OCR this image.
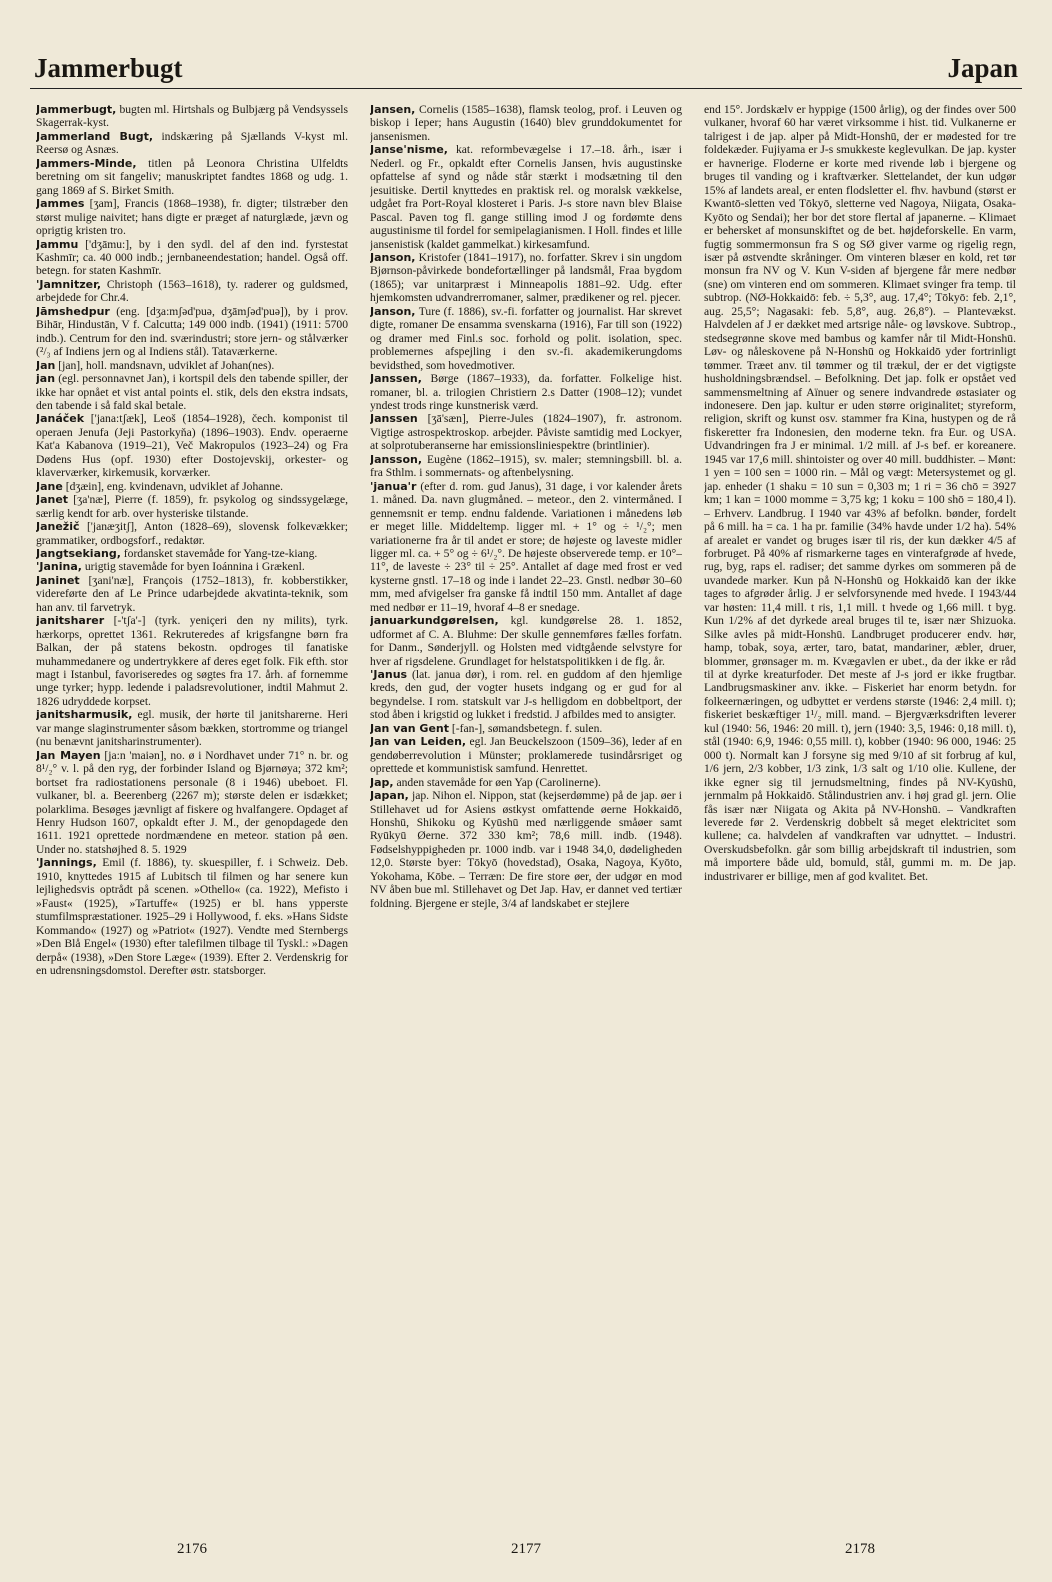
Jammerbugt	Japan

Jammerbugt, bugten ml. Hirtshals og Bulbjærg på Vendsyssels Skagerrak-kyst.

Jammerland Bugt, indskæring på Sjællands V-kyst ml. Reersø og Asnæs.

Jammers-Minde, titlen på Leonora Christina Ulfeldts beretning om sit fangeliv; manuskriptet fandtes 1868 og udg. 1. gang 1869 af S. Birket Smith.

Jammes [ʒam], Francis (1868–1938), fr. digter; tilstræber den størst mulige naivitet; hans digte er præget af naturglæde, jævn og oprigtig kristen tro.

Jammu ['dʒāmu:], by i den sydl. del af den ind. fyrstestat Kashmīr; ca. 40 000 indb.; jernbaneendestation; handel. Også off. betegn. for staten Kashmīr.

'Jamnitzer, Christoph (1563–1618), ty. raderer og guldsmed, arbejdede for Chr.4.

Jāmshedpur (eng. [dʒa:mʃəd'puə, dʒāmʃəd'puə]), by i prov. Bihār, Hindustān, V f. Calcutta; 149 000 indb. (1941) (1911: 5700 indb.). Centrum for den ind. sværindustri; store jern- og stålværker (²/₃ af Indiens jern og al Indiens stål). Tataværkerne.

Jan [jan], holl. mandsnavn, udviklet af Johan(nes).

jan (egl. personnavnet Jan), i kortspil dels den tabende spiller, der ikke har opnået et vist antal points el. stik, dels den ekstra indsats, den tabende i så fald skal betale.

Janáček ['jana:tʃæk], Leoš (1854–1928), čech. komponist til operaen Jenufa (Jeji Pastorkyňa) (1896–1903). Endv. operaerne Kat'a Kabanova (1919–21), Več Makropulos (1923–24) og Fra Dødens Hus (opf. 1930) efter Dostojevskij, orkester- og klaverværker, kirkemusik, korværker.

Jane [dʒæin], eng. kvindenavn, udviklet af Johanne.

Janet [ʒa'næ], Pierre (f. 1859), fr. psykolog og sindssygelæge, særlig kendt for arb. over hysteriske tilstande.

Janežič ['janæʒitʃ], Anton (1828–69), slovensk folkevækker; grammatiker, ordbogsforf., redaktør.

Jangtsekiang, fordansket stavemåde for Yang-tze-kiang.

'Janina, urigtig stavemåde for byen Ioánnina i Grækenl.

Janinet [ʒani'næ], François (1752–1813), fr. kobberstikker, videreførte den af Le Prince udarbejdede akvatinta-teknik, som han anv. til farvetryk.

janitsharer [-'tʃa'-] (tyrk. yeniçeri den ny milits), tyrk. hærkorps, oprettet 1361. Rekruteredes af krigsfangne børn fra Balkan, der på statens bekostn. opdroges til fanatiske muhammedanere og undertrykkere af deres eget folk. Fik efth. stor magt i Istanbul, favoriseredes og søgtes fra 17. årh. af fornemme unge tyrker; hypp. ledende i paladsrevolutioner, indtil Mahmut 2. 1826 udryddede korpset.

janitsharmusik, egl. musik, der hørte til janitsharerne. Heri var mange slaginstrumenter såsom bækken, stortromme og triangel (nu benævnt janitsharinstrumenter).

Jan Mayen [ja:n 'maiən], no. ø i Nordhavet under 71° n. br. og 8¹/₂° v. l. på den ryg, der forbinder Island og Bjørnøya; 372 km²; bortset fra radiostationens personale (8 i 1946) ubeboet. Fl. vulkaner, bl. a. Beerenberg (2267 m); største delen er isdækket; polarklima. Besøges jævnligt af fiskere og hvalfangere. Opdaget af Henry Hudson 1607, opkaldt efter J. M., der genopdagede den 1611. 1921 oprettede nordmændene en meteor. station på øen. Under no. statshøjhed 8. 5. 1929

'Jannings, Emil (f. 1886), ty. skuespiller, f. i Schweiz. Deb. 1910, knyttedes 1915 af Lubitsch til filmen og har senere kun lejlighedsvis optrådt på scenen. »Othello« (ca. 1922), Mefisto i »Faust« (1925), »Tartuffe« (1925) er bl. hans ypperste stumfilmspræstationer. 1925–29 i Hollywood, f. eks. »Hans Sidste Kommando« (1927) og »Patriot« (1927). Vendte med Sternbergs »Den Blå Engel« (1930) efter talefilmen tilbage til Tyskl.: »Dagen derpå« (1938), »Den Store Læge« (1939). Efter 2. Verdenskrig for en udrensningsdomstol. Derefter østr. statsborger.

Jansen, Cornelis (1585–1638), flamsk teolog, prof. i Leuven og biskop i Ieper; hans Augustin (1640) blev grunddokumentet for jansenismen.

Janse'nisme, kat. reformbevægelse i 17.–18. årh., især i Nederl. og Fr., opkaldt efter Cornelis Jansen, hvis augustinske opfattelse af synd og nåde står stærkt i modsætning til den jesuitiske. Dertil knyttedes en praktisk rel. og moralsk vækkelse, udgået fra Port-Royal klosteret i Paris. J-s store navn blev Blaise Pascal. Paven tog fl. gange stilling imod J og fordømte dens augustinisme til fordel for semipelagianismen. I Holl. findes et lille jansenistisk (kaldet gammelkat.) kirkesamfund.

Janson, Kristofer (1841–1917), no. forfatter. Skrev i sin ungdom Bjørnson-påvirkede bondefortællinger på landsmål, Fraa bygdom (1865); var unitarpræst i Minneapolis 1881–92. Udg. efter hjemkomsten udvandrerromaner, salmer, prædikener og rel. pjecer.

Janson, Ture (f. 1886), sv.-fi. forfatter og journalist. Har skrevet digte, romaner De ensamma svenskarna (1916), Far till son (1922) og dramer med Finl.s soc. forhold og polit. isolation, spec. problemernes afspejling i den sv.-fi. akademikerungdoms bevidsthed, som hovedmotiver.

Janssen, Børge (1867–1933), da. forfatter. Folkelige hist. romaner, bl. a. trilogien Christiern 2.s Datter (1908–12); vundet yndest trods ringe kunstnerisk værd.

Janssen [ʒā'sæn], Pierre-Jules (1824–1907), fr. astronom. Vigtige astrospektroskop. arbejder. Påviste samtidig med Lockyer, at solprotuberanserne har emissionsliniespektre (brintlinier).

Jansson, Eugène (1862–1915), sv. maler; stemningsbill. bl. a. fra Sthlm. i sommernats- og aftenbelysning.

'janua'r (efter d. rom. gud Janus), 31 dage, i vor kalender årets 1. måned. Da. navn glugmåned. – meteor., den 2. vintermåned. I gennemsnit er temp. endnu faldende. Variationen i månedens løb er meget lille. Middeltemp. ligger ml. + 1° og ÷ ¹/₂°; men variationerne fra år til andet er store; de højeste og laveste midler ligger ml. ca. + 5° og ÷ 6¹/₂°. De højeste observerede temp. er 10°–11°, de laveste ÷ 23° til ÷ 25°. Antallet af dage med frost er ved kysterne gnstl. 17–18 og inde i landet 22–23. Gnstl. nedbør 30–60 mm, med afvigelser fra ganske få indtil 150 mm. Antallet af dage med nedbør er 11–19, hvoraf 4–8 er snedage.

januarkundgørelsen, kgl. kundgørelse 28. 1. 1852, udformet af C. A. Bluhme: Der skulle gennemføres fælles forfatn. for Danm., Sønderjyll. og Holsten med vidtgående selvstyre for hver af rigsdelene. Grundlaget for helstatspolitikken i de flg. år.

'Janus (lat. janua dør), i rom. rel. en guddom af den hjemlige kreds, den gud, der vogter husets indgang og er gud for al begyndelse. I rom. statskult var J-s helligdom en dobbeltport, der stod åben i krigstid og lukket i fredstid. J afbildes med to ansigter.

Jan van Gent [-fan-], sømandsbetegn. f. sulen.

Jan van Leiden, egl. Jan Beuckelszoon (1509–36), leder af en gendøberrevolution i Münster; proklamerede tusindårsriget og oprettede et kommunistisk samfund. Henrettet.

Jap, anden stavemåde for øen Yap (Carolinerne).

Japan, jap. Nihon el. Nippon, stat (kejserdømme) på de jap. øer i Stillehavet ud for Asiens østkyst omfattende øerne Hokkaidō, Honshū, Shikoku og Kyūshū med nærliggende småøer samt Ryūkyū Øerne. 372 330 km²; 78,6 mill. indb. (1948). Fødselshyppigheden pr. 1000 indb. var i 1948 34,0, dødeligheden 12,0. Største byer: Tōkyō (hovedstad), Osaka, Nagoya, Kyōto, Yokohama, Kōbe. – Terræn: De fire store øer, der udgør en mod NV åben bue ml. Stillehavet og Det Jap. Hav, er dannet ved tertiær foldning. Bjergene er stejle, 3/4 af landskabet er stejlere

end 15°. Jordskælv er hyppige (1500 årlig), og der findes over 500 vulkaner, hvoraf 60 har været virksomme i hist. tid. Vulkanerne er talrigest i de jap. alper på Midt-Honshū, der er mødested for tre foldekæder. Fujiyama er J-s smukkeste keglevulkan. De jap. kyster er havnerige. Floderne er korte med rivende løb i bjergene og bruges til vanding og i kraftværker. Slettelandet, der kun udgør 15% af landets areal, er enten flodsletter el. fhv. havbund (størst er Kwantō-sletten ved Tōkyō, sletterne ved Nagoya, Niigata, Osaka-Kyōto og Sendai); her bor det store flertal af japanerne. – Klimaet er behersket af monsunskiftet og de bet. højdeforskelle. En varm, fugtig sommermonsun fra S og SØ giver varme og rigelig regn, især på østvendte skråninger. Om vinteren blæser en kold, ret tør monsun fra NV og V. Kun V-siden af bjergene får mere nedbør (sne) om vinteren end om sommeren. Klimaet svinger fra temp. til subtrop. (NØ-Hokkaidō: feb. ÷ 5,3°, aug. 17,4°; Tōkyō: feb. 2,1°, aug. 25,5°; Nagasaki: feb. 5,8°, aug. 26,8°). – Plantevækst. Halvdelen af J er dækket med artsrige nåle- og løvskove. Subtrop., stedsegrønne skove med bambus og kamfer når til Midt-Honshū. Løv- og nåleskovene på N-Honshū og Hokkaidō yder fortrinligt tømmer. Træet anv. til tømmer og til trækul, der er det vigtigste husholdningsbrændsel. – Befolkning. Det jap. folk er opstået ved sammensmeltning af Aïnuer og senere indvandrede østasiater og indonesere. Den jap. kultur er uden større originalitet; styreform, religion, skrift og kunst osv. stammer fra Kina, hustypen og de rå fiskeretter fra Indonesien, den moderne tekn. fra Eur. og USA. Udvandringen fra J er minimal. 1/2 mill. af J-s bef. er koreanere. 1945 var 17,6 mill. shintoister og over 40 mill. buddhister. – Mønt: 1 yen = 100 sen = 1000 rin. – Mål og vægt: Metersystemet og gl. jap. enheder (1 shaku = 10 sun = 0,303 m; 1 ri = 36 chō = 3927 km; 1 kan = 1000 momme = 3,75 kg; 1 koku = 100 shō = 180,4 l). – Erhverv. Landbrug. I 1940 var 43% af befolkn. bønder, fordelt på 6 mill. ha = ca. 1 ha pr. familie (34% havde under 1/2 ha). 54% af arealet er vandet og bruges især til ris, der kun dækker 4/5 af forbruget. På 40% af rismarkerne tages en vinterafgrøde af hvede, rug, byg, raps el. radiser; det samme dyrkes om sommeren på de uvandede marker. Kun på N-Honshū og Hokkaidō kan der ikke tages to afgrøder årlig. J er selvforsynende med hvede. I 1943/44 var høsten: 11,4 mill. t ris, 1,1 mill. t hvede og 1,66 mill. t byg. Kun 1/2% af det dyrkede areal bruges til te, især nær Shizuoka. Silke avles på midt-Honshū. Landbruget producerer endv. hør, hamp, tobak, soya, ærter, taro, batat, mandariner, æbler, druer, blommer, grønsager m. m. Kvægavlen er ubet., da der ikke er råd til at dyrke kreaturfoder. Det meste af J-s jord er ikke frugtbar. Landbrugsmaskiner anv. ikke. – Fiskeriet har enorm betydn. for folkeernæringen, og udbyttet er verdens største (1946: 2,4 mill. t); fiskeriet beskæftiger 1¹/₂ mill. mand. – Bjergværksdriften leverer kul (1940: 56, 1946: 20 mill. t), jern (1940: 3,5, 1946: 0,18 mill. t), stål (1940: 6,9, 1946: 0,55 mill. t), kobber (1940: 96 000, 1946: 25 000 t). Normalt kan J forsyne sig med 9/10 af sit forbrug af kul, 1/6 jern, 2/3 kobber, 1/3 zink, 1/3 salt og 1/10 olie. Kullene, der ikke egner sig til jernudsmeltning, findes på NV-Kyūshū, jernmalm på Hokkaidō. Stålindustrien anv. i høj grad gl. jern. Olie fås især nær Niigata og Akita på NV-Honshū. – Vandkraften leverede før 2. Verdenskrig dobbelt så meget elektricitet som kullene; ca. halvdelen af vandkraften var udnyttet. – Industri. Overskudsbefolkn. går som billig arbejdskraft til industrien, som må importere både uld, bomuld, stål, gummi m. m. De jap. industrivarer er billige, men af god kvalitet. Bet.

2176	2177	2178
